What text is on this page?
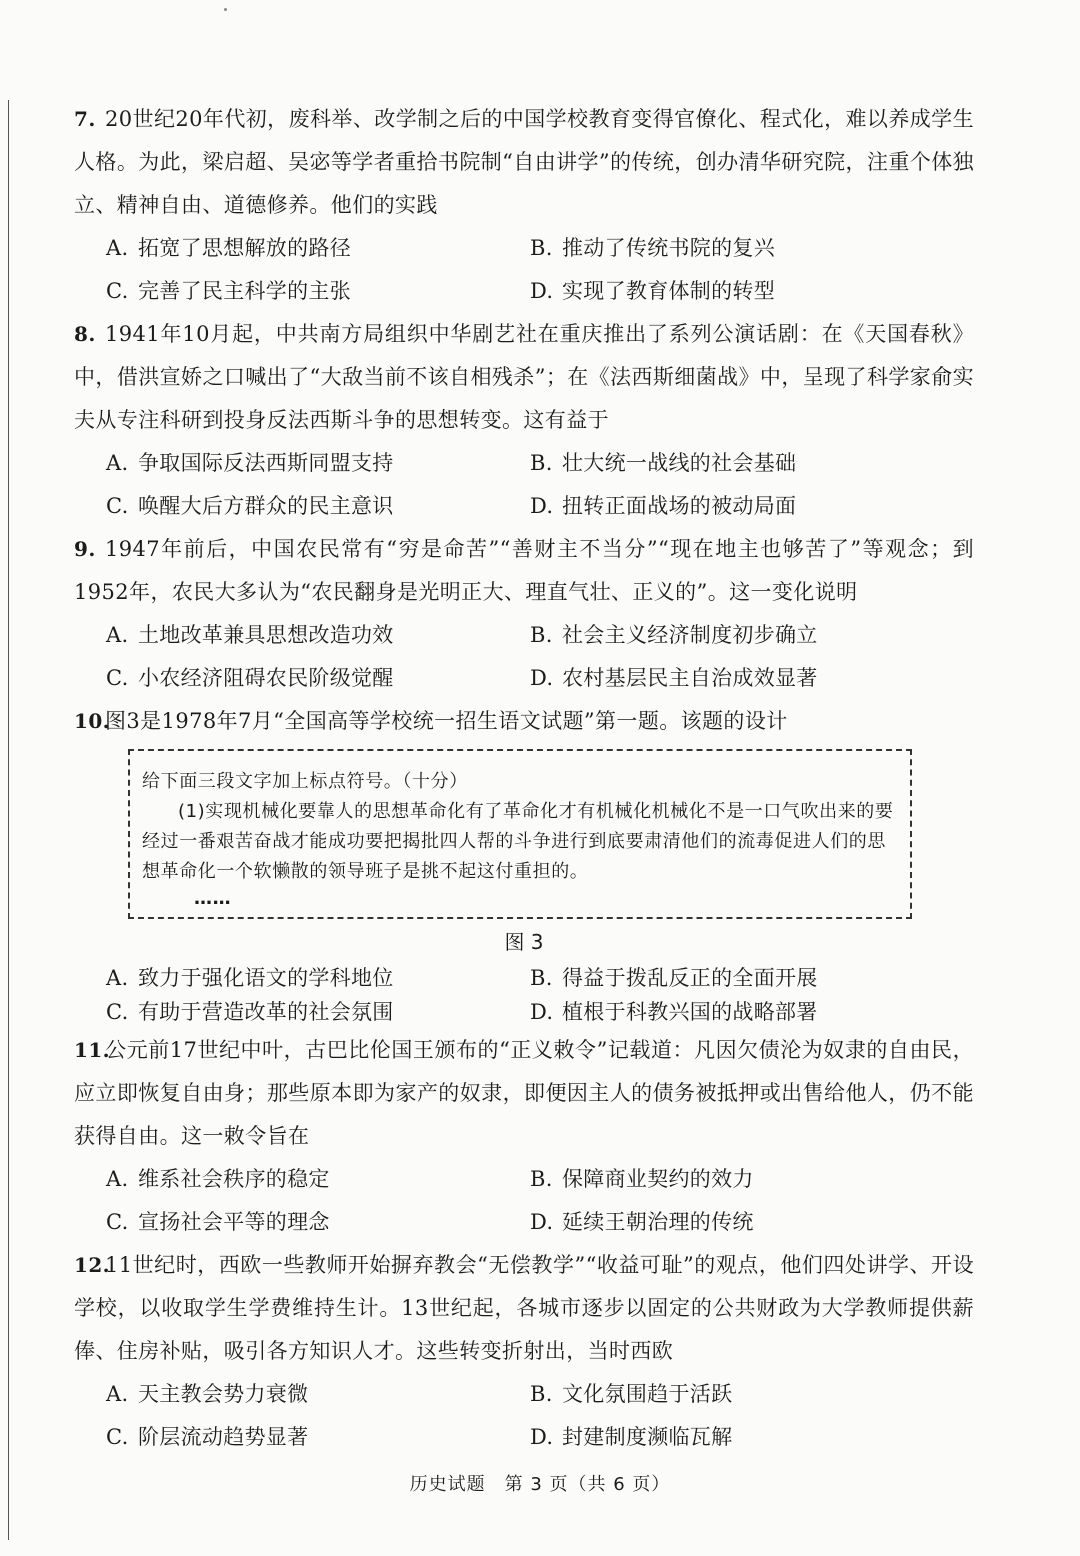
7. 20世纪20年代初，废科举、改学制之后的中国学校教育变得官僚化、程式化，难以养成学生人格。为此，梁启超、吴宓等学者重拾书院制“自由讲学”的传统，创办清华研究院，注重个体独立、精神自由、道德修养。他们的实践

A. 拓宽了思想解放的路径	B. 推动了传统书院的复兴
C. 完善了民主科学的主张	D. 实现了教育体制的转型

8. 1941年10月起，中共南方局组织中华剧艺社在重庆推出了系列公演话剧：在《天国春秋》中，借洪宣娇之口喊出了“大敌当前不该自相残杀”；在《法西斯细菌战》中，呈现了科学家俞实夫从专注科研到投身反法西斯斗争的思想转变。这有益于

A. 争取国际反法西斯同盟支持	B. 壮大统一战线的社会基础
C. 唤醒大后方群众的民主意识	D. 扭转正面战场的被动局面

9. 1947年前后，中国农民常有“穷是命苦”“善财主不当分”“现在地主也够苦了”等观念；到1952年，农民大多认为“农民翻身是光明正大、理直气壮、正义的”。这一变化说明

A. 土地改革兼具思想改造功效	B. 社会主义经济制度初步确立
C. 小农经济阻碍农民阶级觉醒	D. 农村基层民主自治成效显著

10.图3是1978年7月“全国高等学校统一招生语文试题”第一题。该题的设计

给下面三段文字加上标点符号。（十分）

(1)实现机械化要靠人的思想革命化有了革命化才有机械化机械化不是一口气吹出来的要经过一番艰苦奋战才能成功要把揭批四人帮的斗争进行到底要肃清他们的流毒促进人们的思想革命化一个软懒散的领导班子是挑不起这付重担的。

……

图 3

A. 致力于强化语文的学科地位	B. 得益于拨乱反正的全面开展
C. 有助于营造改革的社会氛围	D. 植根于科教兴国的战略部署

11.公元前17世纪中叶，古巴比伦国王颁布的“正义敕令”记载道：凡因欠债沦为奴隶的自由民，应立即恢复自由身；那些原本即为家产的奴隶，即便因主人的债务被抵押或出售给他人，仍不能获得自由。这一敕令旨在

A. 维系社会秩序的稳定	B. 保障商业契约的效力
C. 宣扬社会平等的理念	D. 延续王朝治理的传统

12.11世纪时，西欧一些教师开始摒弃教会“无偿教学”“收益可耻”的观点，他们四处讲学、开设学校，以收取学生学费维持生计。13世纪起，各城市逐步以固定的公共财政为大学教师提供薪俸、住房补贴，吸引各方知识人才。这些转变折射出，当时西欧

A. 天主教会势力衰微	B. 文化氛围趋于活跃
C. 阶层流动趋势显著	D. 封建制度濒临瓦解
历史试题　第 3 页（共 6 页）
